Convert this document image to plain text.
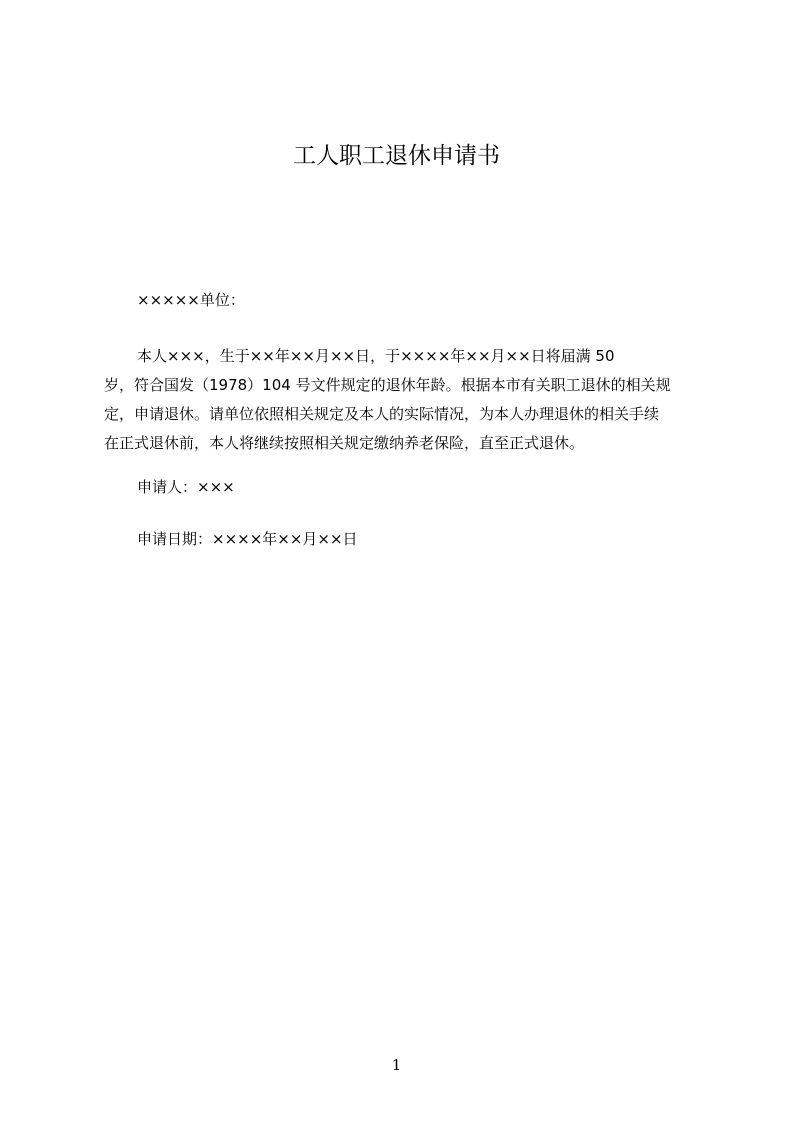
工人职工退休申请书

×××××单位：

本人×××，生于××年××月××日，于××××年××月××日将届满 50
岁，符合国发（1978）104 号文件规定的退休年龄。根据本市有关职工退休的相关规
定，申请退休。请单位依照相关规定及本人的实际情况，为本人办理退休的相关手续
在正式退休前，本人将继续按照相关规定缴纳养老保险，直至正式退休。

申请人：×××

申请日期：××××年××月××日

1
